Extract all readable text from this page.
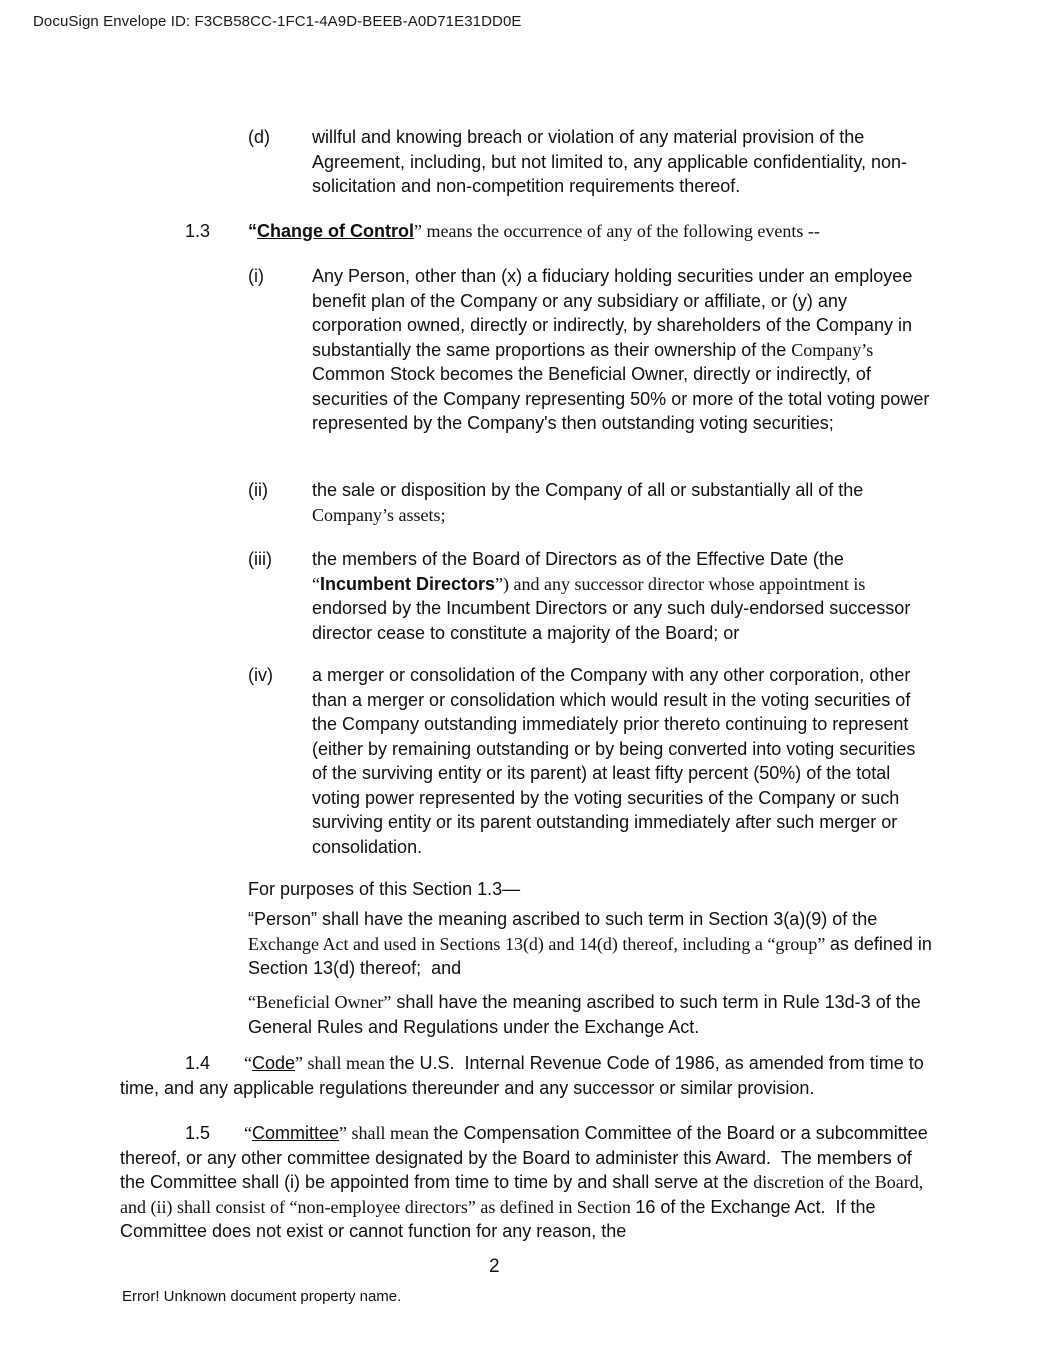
DocuSign Envelope ID: F3CB58CC-1FC1-4A9D-BEEB-A0D71E31DD0E
(d)	willful and knowing breach or violation of any material provision of the Agreement, including, but not limited to, any applicable confidentiality, non-solicitation and non-competition requirements thereof.
1.3 “Change of Control” means the occurrence of any of the following events --
(i)	Any Person, other than (x) a fiduciary holding securities under an employee benefit plan of the Company or any subsidiary or affiliate, or (y) any corporation owned, directly or indirectly, by shareholders of the Company in substantially the same proportions as their ownership of the Company’s Common Stock becomes the Beneficial Owner, directly or indirectly, of securities of the Company representing 50% or more of the total voting power represented by the Company's then outstanding voting securities;
(ii)	the sale or disposition by the Company of all or substantially all of the Company’s assets;
(iii)	the members of the Board of Directors as of the Effective Date (the “Incumbent Directors”) and any successor director whose appointment is endorsed by the Incumbent Directors or any such duly-endorsed successor director cease to constitute a majority of the Board; or
(iv)	a merger or consolidation of the Company with any other corporation, other than a merger or consolidation which would result in the voting securities of the Company outstanding immediately prior thereto continuing to represent (either by remaining outstanding or by being converted into voting securities of the surviving entity or its parent) at least fifty percent (50%) of the total voting power represented by the voting securities of the Company or such surviving entity or its parent outstanding immediately after such merger or consolidation.
For purposes of this Section 1.3—
“Person” shall have the meaning ascribed to such term in Section 3(a)(9) of the Exchange Act and used in Sections 13(d) and 14(d) thereof, including a “group” as defined in Section 13(d) thereof;  and
“Beneficial Owner” shall have the meaning ascribed to such term in Rule 13d-3 of the General Rules and Regulations under the Exchange Act.
1.4 “Code” shall mean the U.S.  Internal Revenue Code of 1986, as amended from time to time, and any applicable regulations thereunder and any successor or similar provision.
1.5 “Committee” shall mean the Compensation Committee of the Board or a subcommittee thereof, or any other committee designated by the Board to administer this Award.  The members of the Committee shall (i) be appointed from time to time by and shall serve at the discretion of the Board, and (ii) shall consist of “non-employee directors” as defined in Section 16 of the Exchange Act.  If the Committee does not exist or cannot function for any reason, the
2
Error! Unknown document property name.
